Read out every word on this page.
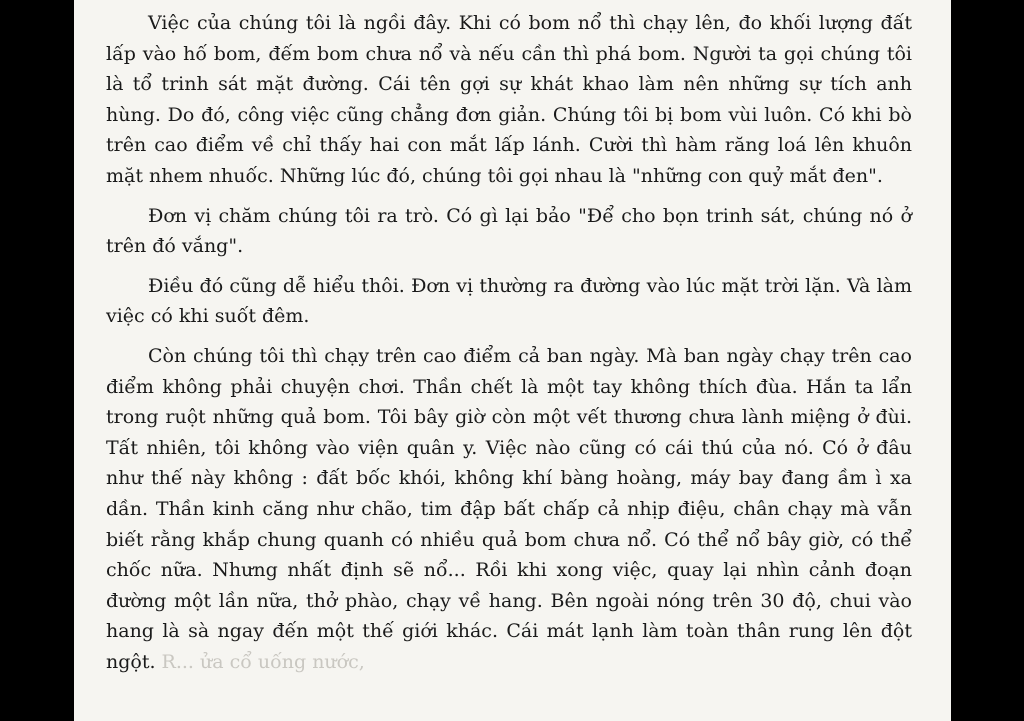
Việc của chúng tôi là ngồi đây. Khi có bom nổ thì chạy lên, đo khối lượng đất lấp vào hố bom, đếm bom chưa nổ và nếu cần thì phá bom. Người ta gọi chúng tôi là tổ trinh sát mặt đường. Cái tên gợi sự khát khao làm nên những sự tích anh hùng. Do đó, công việc cũng chẳng đơn giản. Chúng tôi bị bom vùi luôn. Có khi bò trên cao điểm về chỉ thấy hai con mắt lấp lánh. Cười thì hàm răng loá lên khuôn mặt nhem nhuốc. Những lúc đó, chúng tôi gọi nhau là "những con quỷ mắt đen".

Đơn vị chăm chúng tôi ra trò. Có gì lại bảo "Để cho bọn trinh sát, chúng nó ở trên đó vắng".

Điều đó cũng dễ hiểu thôi. Đơn vị thường ra đường vào lúc mặt trời lặn. Và làm việc có khi suốt đêm.

Còn chúng tôi thì chạy trên cao điểm cả ban ngày. Mà ban ngày chạy trên cao điểm không phải chuyện chơi. Thần chết là một tay không thích đùa. Hắn ta lẩn trong ruột những quả bom. Tôi bây giờ còn một vết thương chưa lành miệng ở đùi. Tất nhiên, tôi không vào viện quân y. Việc nào cũng có cái thú của nó. Có ở đâu như thế này không : đất bốc khói, không khí bàng hoàng, máy bay đang ầm ì xa dần. Thần kinh căng như chão, tim đập bất chấp cả nhịp điệu, chân chạy mà vẫn biết rằng khắp chung quanh có nhiều quả bom chưa nổ. Có thể nổ bây giờ, có thể chốc nữa. Nhưng nhất định sẽ nổ... Rồi khi xong việc, quay lại nhìn cảnh đoạn đường một lần nữa, thở phào, chạy về hang. Bên ngoài nóng trên 30 độ, chui vào hang là sà ngay đến một thế giới khác. Cái mát lạnh làm toàn thân rung lên đột ngột. R... ửa cổ uống nước,
